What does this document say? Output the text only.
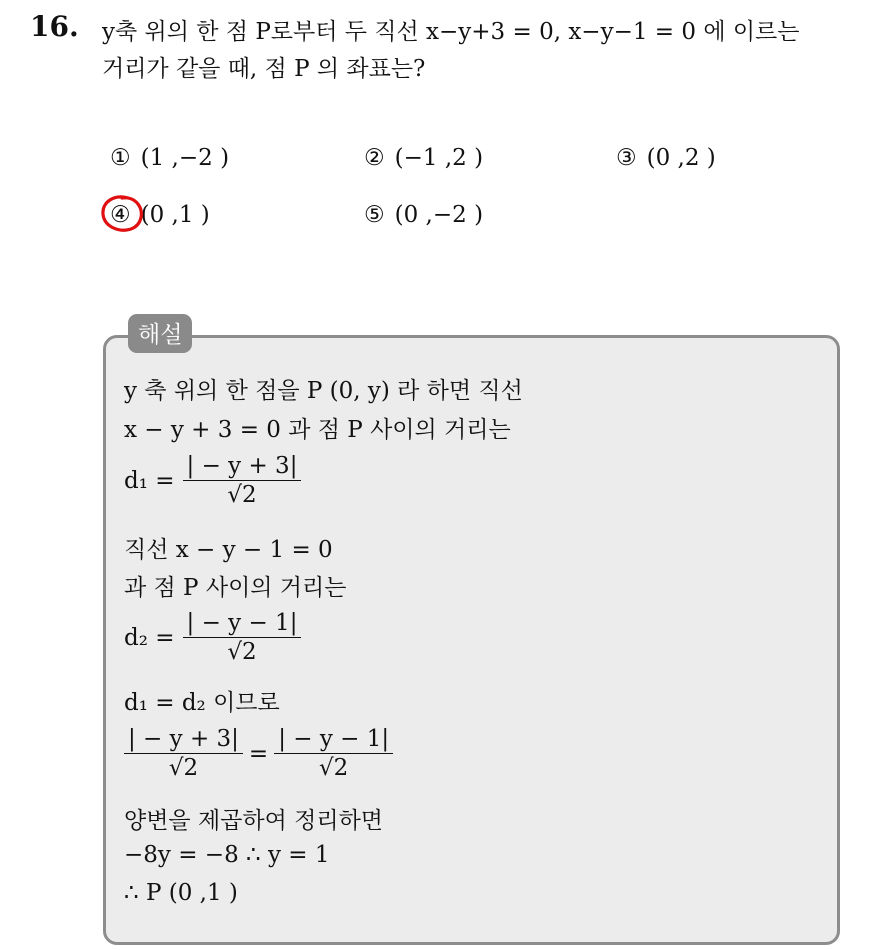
16. y축 위의 한 점 P로부터 두 직선 x−y+3 = 0, x−y−1 = 0 에 이르는
거리가 같을 때, 점 P 의 좌표는?
① (1 ,−2 )	② (−1 ,2 )	③ (0 ,2 )
④ (0 ,1 )	⑤ (0 ,−2 )
해설
y 축 위의 한 점을 P (0, y) 라 하면 직선
x − y + 3 = 0 과 점 P 사이의 거리는
$d_1 = \frac{| - y + 3|}{√2}$
직선 x − y − 1 = 0
과 점 P 사이의 거리는
$d_2 = \frac{| - y - 1|}{√2}$
d₁ = d₂ 이므로
$\frac{| - y + 3|}{√2} = \frac{| - y - 1|}{√2}$
양변을 제곱하여 정리하면
−8y = −8 ∴ y = 1
∴ P (0 ,1 )
